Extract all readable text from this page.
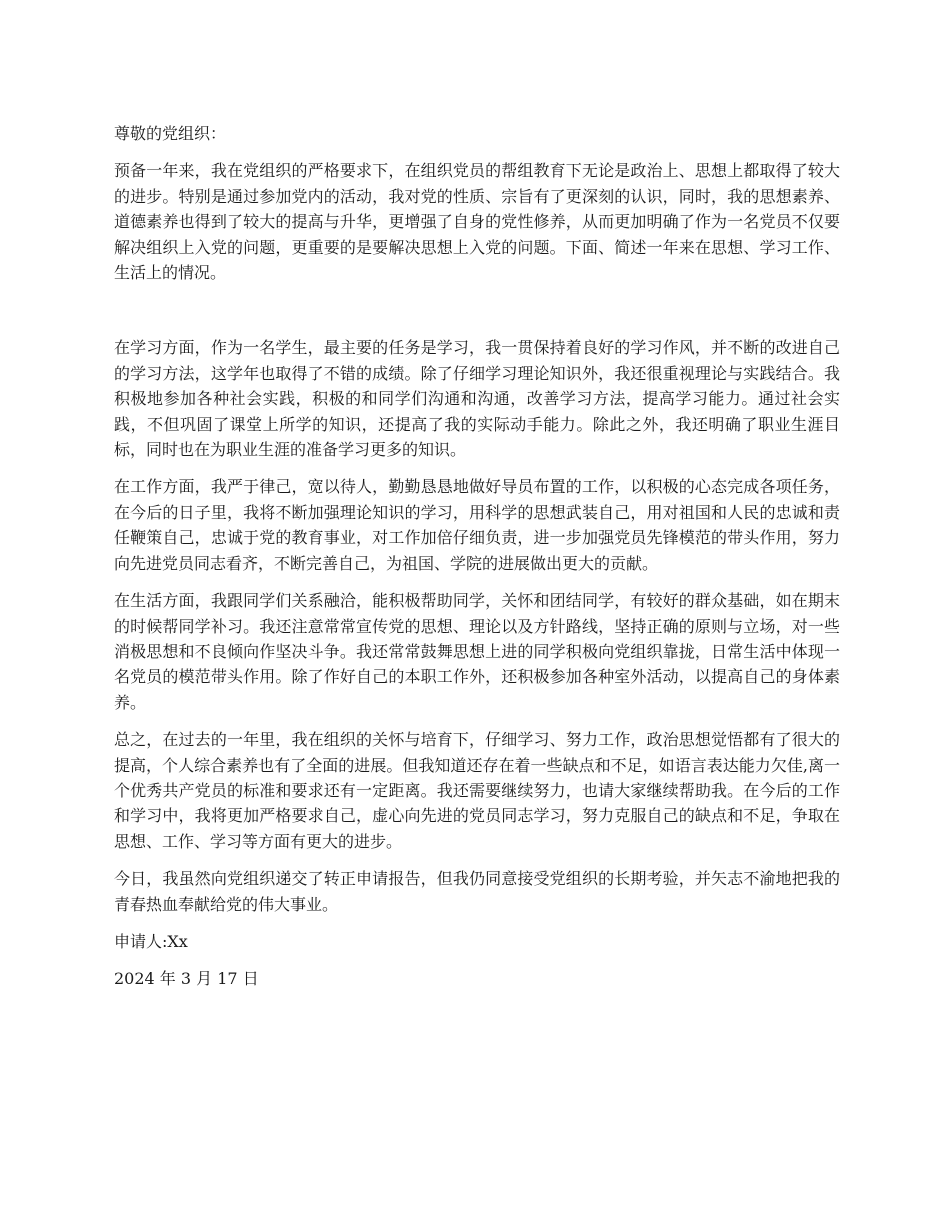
尊敬的党组织：

预备一年来，我在党组织的严格要求下，在组织党员的帮组教育下无论是政治上、思想上都取得了较大的进步。特别是通过参加党内的活动，我对党的性质、宗旨有了更深刻的认识，同时，我的思想素养、道德素养也得到了较大的提高与升华，更增强了自身的党性修养，从而更加明确了作为一名党员不仅要解决组织上入党的问题，更重要的是要解决思想上入党的问题。下面、简述一年来在思想、学习工作、生活上的情况。

在学习方面，作为一名学生，最主要的任务是学习，我一贯保持着良好的学习作风，并不断的改进自己的学习方法，这学年也取得了不错的成绩。除了仔细学习理论知识外，我还很重视理论与实践结合。我积极地参加各种社会实践，积极的和同学们沟通和沟通，改善学习方法，提高学习能力。通过社会实践，不但巩固了课堂上所学的知识，还提高了我的实际动手能力。除此之外，我还明确了职业生涯目标，同时也在为职业生涯的准备学习更多的知识。

在工作方面，我严于律己，宽以待人，勤勤恳恳地做好导员布置的工作，以积极的心态完成各项任务，在今后的日子里，我将不断加强理论知识的学习，用科学的思想武装自己，用对祖国和人民的忠诚和责任鞭策自己，忠诚于党的教育事业，对工作加倍仔细负责，进一步加强党员先锋模范的带头作用，努力向先进党员同志看齐，不断完善自己，为祖国、学院的进展做出更大的贡献。

在生活方面，我跟同学们关系融洽，能积极帮助同学，关怀和团结同学，有较好的群众基础，如在期末的时候帮同学补习。我还注意常常宣传党的思想、理论以及方针路线，坚持正确的原则与立场，对一些消极思想和不良倾向作坚决斗争。我还常常鼓舞思想上进的同学积极向党组织靠拢，日常生活中体现一名党员的模范带头作用。除了作好自己的本职工作外，还积极参加各种室外活动，以提高自己的身体素养。

总之，在过去的一年里，我在组织的关怀与培育下，仔细学习、努力工作，政治思想觉悟都有了很大的提高，个人综合素养也有了全面的进展。但我知道还存在着一些缺点和不足，如语言表达能力欠佳,离一个优秀共产党员的标准和要求还有一定距离。我还需要继续努力，也请大家继续帮助我。在今后的工作和学习中，我将更加严格要求自己，虚心向先进的党员同志学习，努力克服自己的缺点和不足，争取在思想、工作、学习等方面有更大的进步。

今日，我虽然向党组织递交了转正申请报告，但我仍同意接受党组织的长期考验，并矢志不渝地把我的青春热血奉献给党的伟大事业。

申请人:Xx

2024 年 3 月 17 日
